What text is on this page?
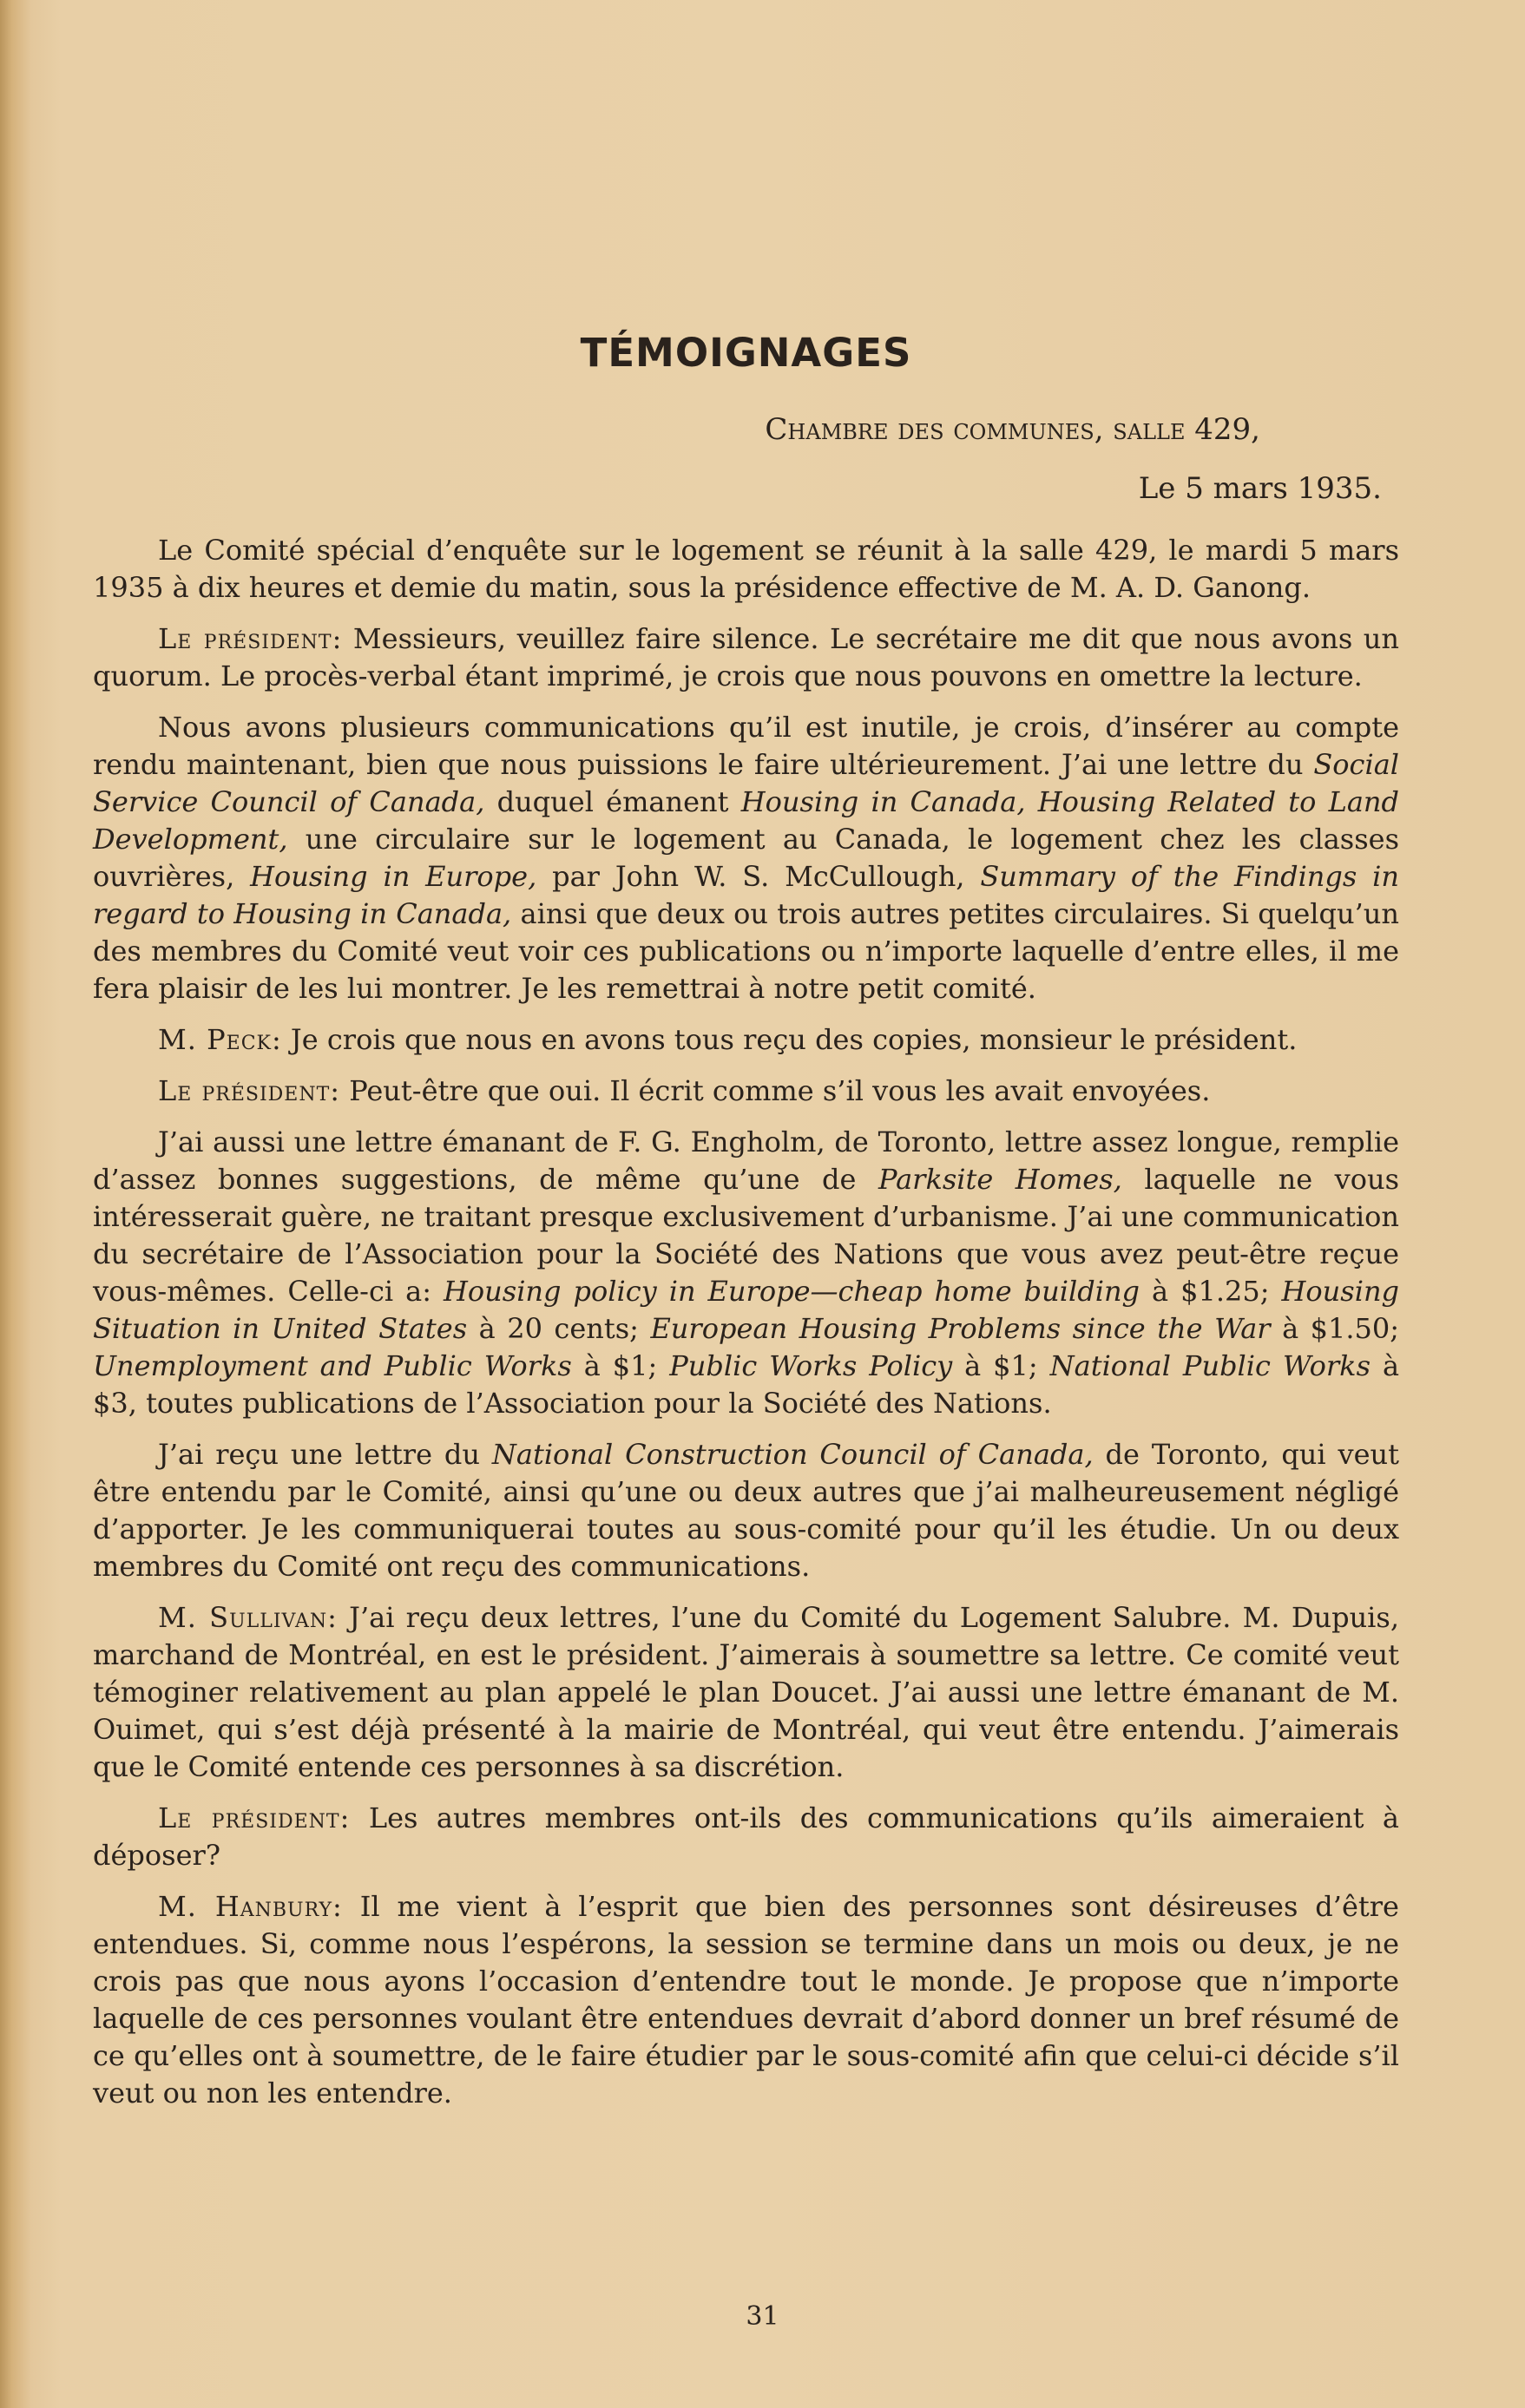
TÉMOIGNAGES
Chambre des communes, salle 429,
Le 5 mars 1935.

Le Comité spécial d’enquête sur le logement se réunit à la salle 429, le mardi 5 mars 1935 à dix heures et demie du matin, sous la présidence effective de M. A. D. Ganong.

Le président: Messieurs, veuillez faire silence. Le secrétaire me dit que nous avons un quorum. Le procès-verbal étant imprimé, je crois que nous pouvons en omettre la lecture.

Nous avons plusieurs communications qu’il est inutile, je crois, d’insérer au compte rendu maintenant, bien que nous puissions le faire ultérieurement. J’ai une lettre du Social Service Council of Canada, duquel émanent Housing in Canada, Housing Related to Land Development, une circulaire sur le logement au Canada, le logement chez les classes ouvrières, Housing in Europe, par John W. S. McCullough, Summary of the Findings in regard to Housing in Canada, ainsi que deux ou trois autres petites circulaires. Si quelqu’un des membres du Comité veut voir ces publications ou n’importe laquelle d’entre elles, il me fera plaisir de les lui montrer. Je les remettrai à notre petit comité.

M. Peck: Je crois que nous en avons tous reçu des copies, monsieur le président.

Le président: Peut-être que oui. Il écrit comme s’il vous les avait envoyées.

J’ai aussi une lettre émanant de F. G. Engholm, de Toronto, lettre assez longue, remplie d’assez bonnes suggestions, de même qu’une de Parksite Homes, laquelle ne vous intéresserait guère, ne traitant presque exclusivement d’urbanisme. J’ai une communication du secrétaire de l’Association pour la Société des Nations que vous avez peut-être reçue vous-mêmes. Celle-ci a: Housing policy in Europe—cheap home building à $1.25; Housing Situation in United States à 20 cents; European Housing Problems since the War à $1.50; Unemployment and Public Works à $1; Public Works Policy à $1; National Public Works à $3, toutes publications de l’Association pour la Société des Nations.

J’ai reçu une lettre du National Construction Council of Canada, de Toronto, qui veut être entendu par le Comité, ainsi qu’une ou deux autres que j’ai malheureusement négligé d’apporter. Je les communiquerai toutes au sous-comité pour qu’il les étudie. Un ou deux membres du Comité ont reçu des communications.

M. Sullivan: J’ai reçu deux lettres, l’une du Comité du Logement Salubre. M. Dupuis, marchand de Montréal, en est le président. J’aimerais à soumettre sa lettre. Ce comité veut témoginer relativement au plan appelé le plan Doucet. J’ai aussi une lettre émanant de M. Ouimet, qui s’est déjà présenté à la mairie de Montréal, qui veut être entendu. J’aimerais que le Comité entende ces personnes à sa discrétion.

Le président: Les autres membres ont-ils des communications qu’ils aimeraient à déposer?

M. Hanbury: Il me vient à l’esprit que bien des personnes sont désireuses d’être entendues. Si, comme nous l’espérons, la session se termine dans un mois ou deux, je ne crois pas que nous ayons l’occasion d’entendre tout le monde. Je propose que n’importe laquelle de ces personnes voulant être entendues devrait d’abord donner un bref résumé de ce qu’elles ont à soumettre, de le faire étudier par le sous-comité afin que celui-ci décide s’il veut ou non les entendre.

31
